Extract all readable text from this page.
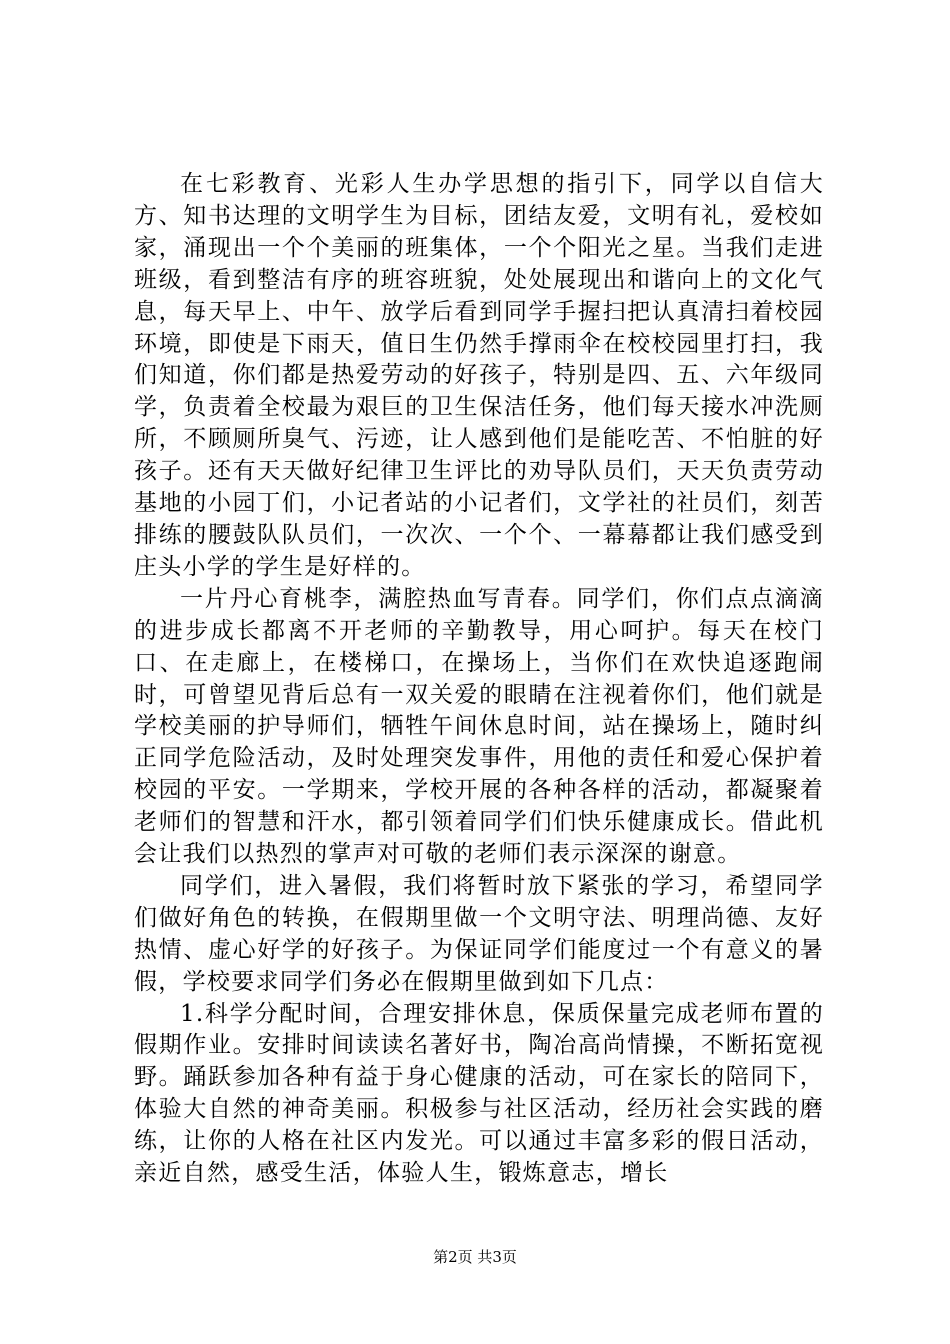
在七彩教育、光彩人生办学思想的指引下，同学以自信大方、知书达理的文明学生为目标，团结友爱，文明有礼，爱校如家，涌现出一个个美丽的班集体，一个个阳光之星。当我们走进班级，看到整洁有序的班容班貌，处处展现出和谐向上的文化气息，每天早上、中午、放学后看到同学手握扫把认真清扫着校园环境，即使是下雨天，值日生仍然手撑雨伞在校校园里打扫，我们知道，你们都是热爱劳动的好孩子，特别是四、五、六年级同学，负责着全校最为艰巨的卫生保洁任务，他们每天接水冲洗厕所，不顾厕所臭气、污迹，让人感到他们是能吃苦、不怕脏的好孩子。还有天天做好纪律卫生评比的劝导队员们，天天负责劳动基地的小园丁们，小记者站的小记者们，文学社的社员们，刻苦排练的腰鼓队队员们，一次次、一个个、一幕幕都让我们感受到庄头小学的学生是好样的。

一片丹心育桃李，满腔热血写青春。同学们，你们点点滴滴的进步成长都离不开老师的辛勤教导，用心呵护。每天在校门口、在走廊上，在楼梯口，在操场上，当你们在欢快追逐跑闹时，可曾望见背后总有一双关爱的眼睛在注视着你们，他们就是学校美丽的护导师们，牺牲午间休息时间，站在操场上，随时纠正同学危险活动，及时处理突发事件，用他的责任和爱心保护着校园的平安。一学期来，学校开展的各种各样的活动，都凝聚着老师们的智慧和汗水，都引领着同学们们快乐健康成长。借此机会让我们以热烈的掌声对可敬的老师们表示深深的谢意。

同学们，进入暑假，我们将暂时放下紧张的学习，希望同学们做好角色的转换，在假期里做一个文明守法、明理尚德、友好热情、虚心好学的好孩子。为保证同学们能度过一个有意义的暑假，学校要求同学们务必在假期里做到如下几点：

1.科学分配时间，合理安排休息，保质保量完成老师布置的假期作业。安排时间读读名著好书，陶冶高尚情操，不断拓宽视野。踊跃参加各种有益于身心健康的活动，可在家长的陪同下，体验大自然的神奇美丽。积极参与社区活动，经历社会实践的磨练，让你的人格在社区内发光。可以通过丰富多彩的假日活动，亲近自然，感受生活，体验人生，锻炼意志，增长

第2页 共3页
